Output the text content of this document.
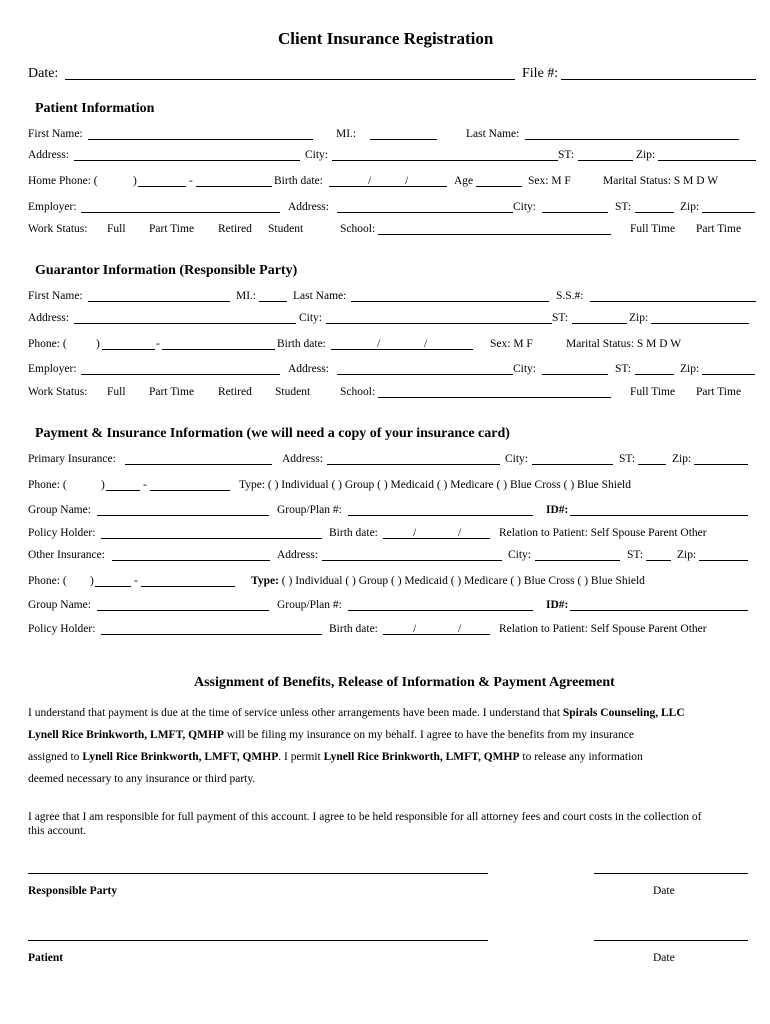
Client Insurance Registration
Date:	File #:
Patient Information
First Name:	MI.:	Last Name:
Address:	City:	ST:	Zip:
Home Phone: (	)	-	Birth date:	/	/	Age	Sex: M F	Marital Status: S M D W
Employer:	Address:	City:	ST:	Zip:
Work Status: Full Part Time Retired Student	School:	Full Time Part Time
Guarantor Information (Responsible Party)
First Name:	MI.:	Last Name:	S.S.#:
Address:	City:	ST:	Zip:
Phone: (	)	-	Birth date:	/	/	Sex: M F	Marital Status: S M D W
Employer:	Address:	City:	ST:	Zip:
Work Status: Full Part Time Retired Student	School:	Full Time Part Time
Payment & Insurance Information (we will need a copy of your insurance card)
Primary Insurance:	Address:	City:	ST:	Zip:
Phone: (	)	-	Type: ( ) Individual ( ) Group ( ) Medicaid ( ) Medicare ( ) Blue Cross ( ) Blue Shield
Group Name:	Group/Plan #:	ID#:
Policy Holder:	Birth date:	/	/	Relation to Patient: Self Spouse Parent Other
Other Insurance:	Address:	City:	ST:	Zip:
Phone: ( )	-	Type: ( ) Individual ( ) Group ( ) Medicaid ( ) Medicare ( ) Blue Cross ( ) Blue Shield
Group Name:	Group/Plan #:	ID#:
Policy Holder:	Birth date:	/	/	Relation to Patient: Self Spouse Parent Other
Assignment of Benefits, Release of Information & Payment Agreement
I understand that payment is due at the time of service unless other arrangements have been made. I understand that Spirals Counseling, LLC
Lynell Rice Brinkworth, LMFT, QMHP will be filing my insurance on my behalf. I agree to have the benefits from my insurance
assigned to Lynell Rice Brinkworth, LMFT, QMHP. I permit Lynell Rice Brinkworth, LMFT, QMHP to release any information
deemed necessary to any insurance or third party.
I agree that I am responsible for full payment of this account. I agree to be held responsible for all attorney fees and court costs in the collection of this account.
Responsible Party	Date
Patient	Date
